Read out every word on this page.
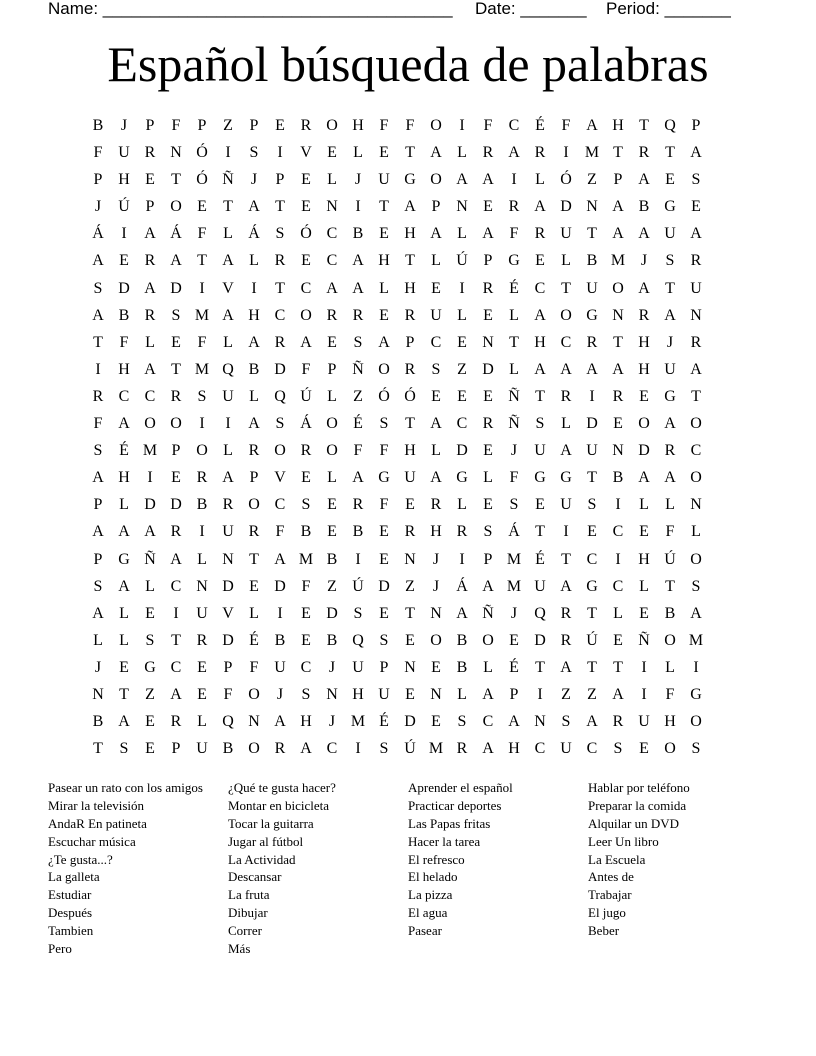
Name: _____________________________________ Date: _______ Period: _______
Español búsqueda de palabras
B	J	P	F	P	Z	P	E R O H F	F O	I	F	C É	F A H T Q P
F U R N Ó	I	S	I	V E	L	E	T A L R A R	I	M T R T A
P H E	T Ó Ñ	J	P	E	L	J	U G O A A	I	L Ó Z	P A E	S
J	Ú P O E	T A T	E N	I	T A P N E R A D N A B G E
Á	I	A Á F	L Á S Ó C B E H A L A F	R U T A A U A
A E R A T A L R E C A H T	L Ú P G E	L B M J	S	R
S D A D	I	V	I	T C A A L H E	I	R É C T U O A T U
A B R	S M A H C O R R E R U L	E	L A O G N R A N
T	F	L	E	F	L A R A E	S A P	C E N T H C R T H	J	R
I	H A T M Q B D F	P Ñ O R	S	Z D L A A A A H U A
R C C R	S U L Q Ú L	Z Ó Ó E	E	E Ñ T R	I	R E G T
F A O O	I	I	A S Á O É	S	T A C R Ñ S	L D E O A O
S	É M P O L R O R O F	F H L D E	J	U A U N D R C
A H	I	E R A P V E	L A G U A G L	F G G T B A A O
P	L D D B R O C	S	E R	F	E R L	E	S	E U S	I	L	L N
A A A R	I	U R	F	B E B E R H R	S Á T	I	E C E	F	L
P G Ñ A L N T A M B	I	E N	J	I	P M É	T C	I	H Ú O
S A L C N D E D F	Z Ú D Z	J	Á A M U A G C L	T	S
A L	E	I	U V L	I	E D S	E	T N A Ñ	J	Q R T	L	E B A
L	L	S	T R D É B E B Q S	E O B O E D R Ú E Ñ O M
J	E G C E	P	F U C	J	U P N E B L	É	T A T	T	I	L	I
N T	Z A E	F O	J	S N H U E N L A P	I	Z	Z A	I	F G
B A E R L Q N A H	J M É D E	S	C A N S A R U H O
T	S	E	P U B O R A C	I	S Ú M R A H C U C	S	E O S
Pasear un rato con los amigos
Mirar la televisión
AndaR En patineta
Escuchar música
¿Te gusta...?
La galleta
Estudiar
Después
Tambien
Pero
¿Qué te gusta hacer?
Montar en bicicleta
Tocar la guitarra
Jugar al fútbol
La Actividad
Descansar
La fruta
Dibujar
Correr
Más
Aprender el español
Practicar deportes
Las Papas fritas
Hacer la tarea
El refresco
El helado
La pizza
El agua
Pasear
Hablar por teléfono
Preparar la comida
Alquilar un DVD
Leer Un libro
La Escuela
Antes de
Trabajar
El jugo
Beber
